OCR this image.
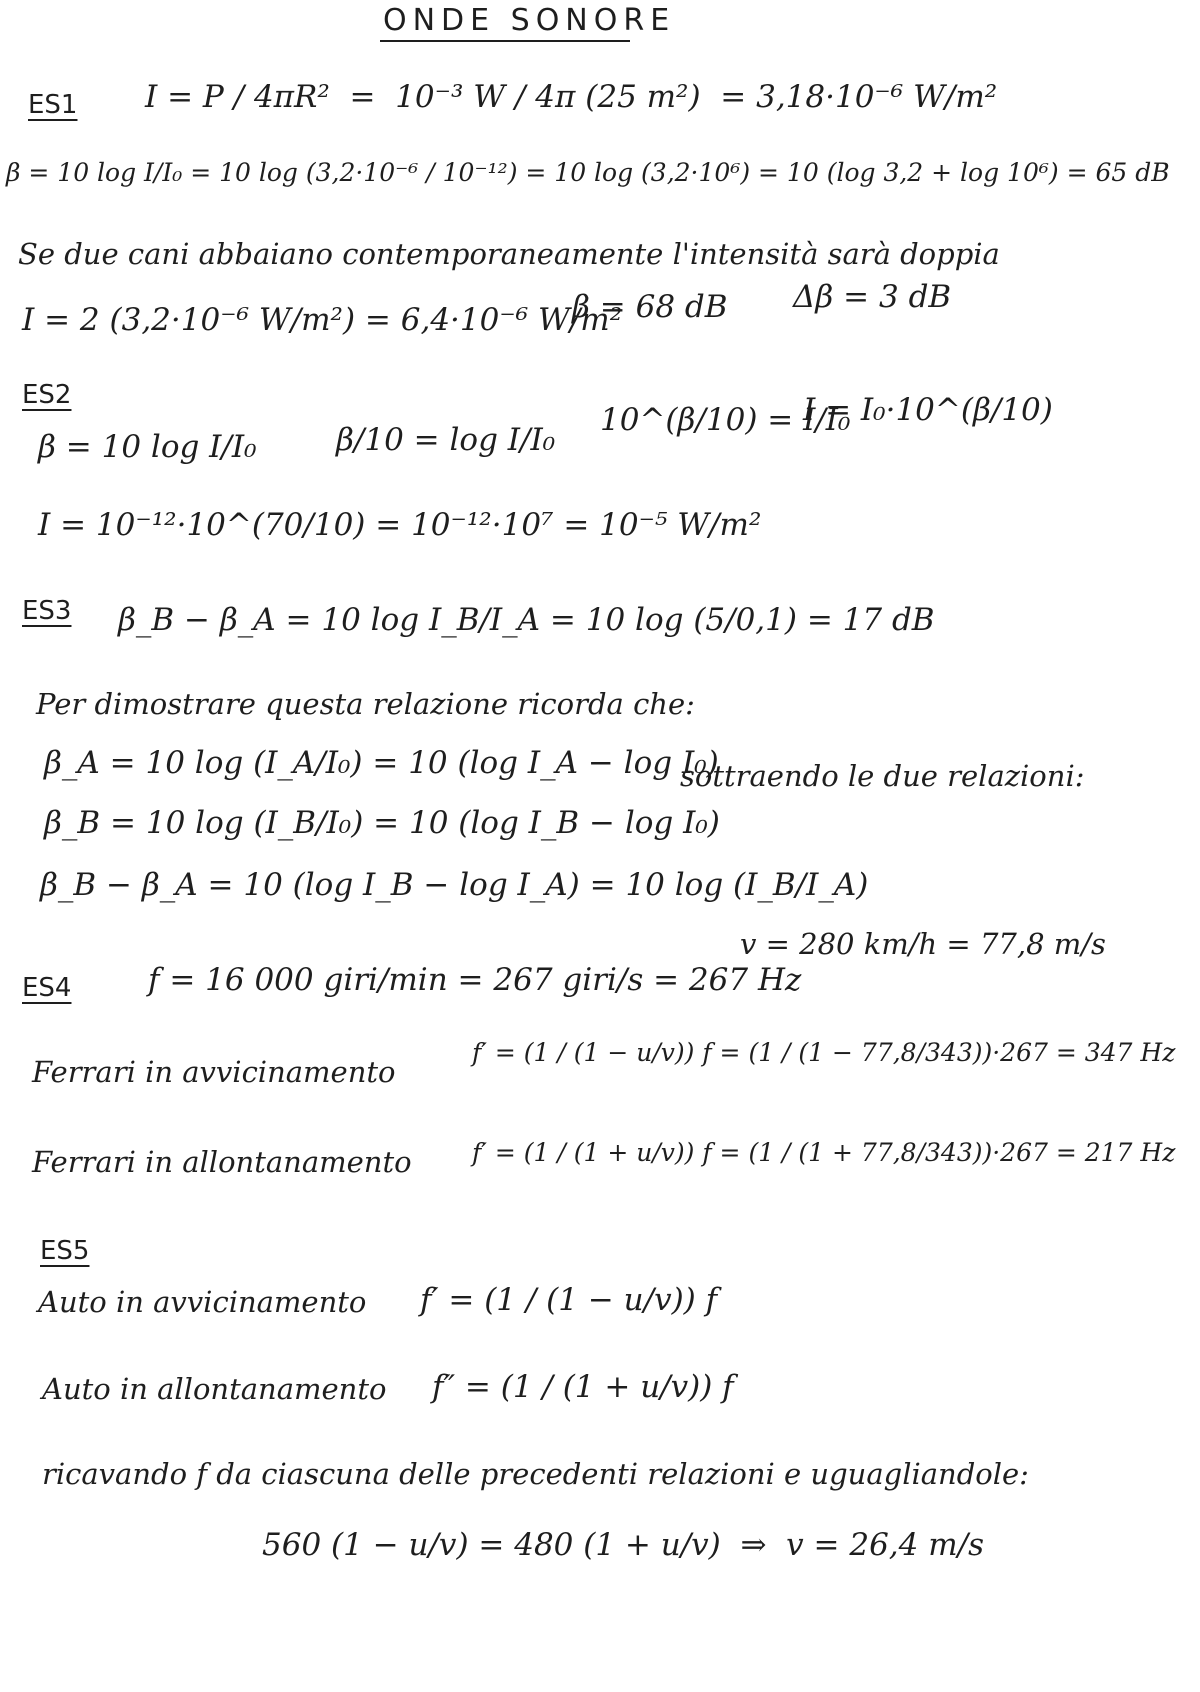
ONDE SONORE
ES1 I = P / 4πR²  =  10⁻³ W / 4π (25 m²)  = 3,18·10⁻⁶ W/m²
β = 10 log I/I₀ = 10 log (3,2·10⁻⁶ / 10⁻¹²) = 10 log (3,2·10⁶) = 10 (log 3,2 + log 10⁶) = 65 dB
Se due cani abbaiano contemporaneamente l'intensità sarà doppia
I = 2 (3,2·10⁻⁶ W/m²) = 6,4·10⁻⁶ W/m²
β = 68 dB Δβ = 3 dB
ES2
β = 10 log I/I₀	β/10 = log I/I₀
10^(β/10) = I/I₀
I = I₀·10^(β/10)
I = 10⁻¹²·10^(70/10) = 10⁻¹²·10⁷ = 10⁻⁵ W/m²
ES3 β_B − β_A = 10 log I_B/I_A = 10 log (5/0,1) = 17 dB
Per dimostrare questa relazione ricorda che:
β_A = 10 log (I_A/I₀) = 10 (log I_A − log I₀)
sottraendo le due relazioni:
β_B = 10 log (I_B/I₀) = 10 (log I_B − log I₀)
β_B − β_A = 10 (log I_B − log I_A) = 10 log (I_B/I_A)
ES4 f = 16 000 giri/min = 267 giri/s = 267 Hz
v = 280 km/h = 77,8 m/s
Ferrari in avvicinamento
f′ = (1 / (1 − u/v)) f = (1 / (1 − 77,8/343))·267 = 347 Hz
Ferrari in allontanamento f′ = (1 / (1 + u/v)) f = (1 / (1 + 77,8/343))·267 = 217 Hz
ES5
Auto in avvicinamento f′ = (1 / (1 − u/v)) f
Auto in allontanamento f″ = (1 / (1 + u/v)) f
ricavando f da ciascuna delle precedenti relazioni e uguagliandole:
560 (1 − u/v) = 480 (1 + u/v)  ⇒  v = 26,4 m/s
